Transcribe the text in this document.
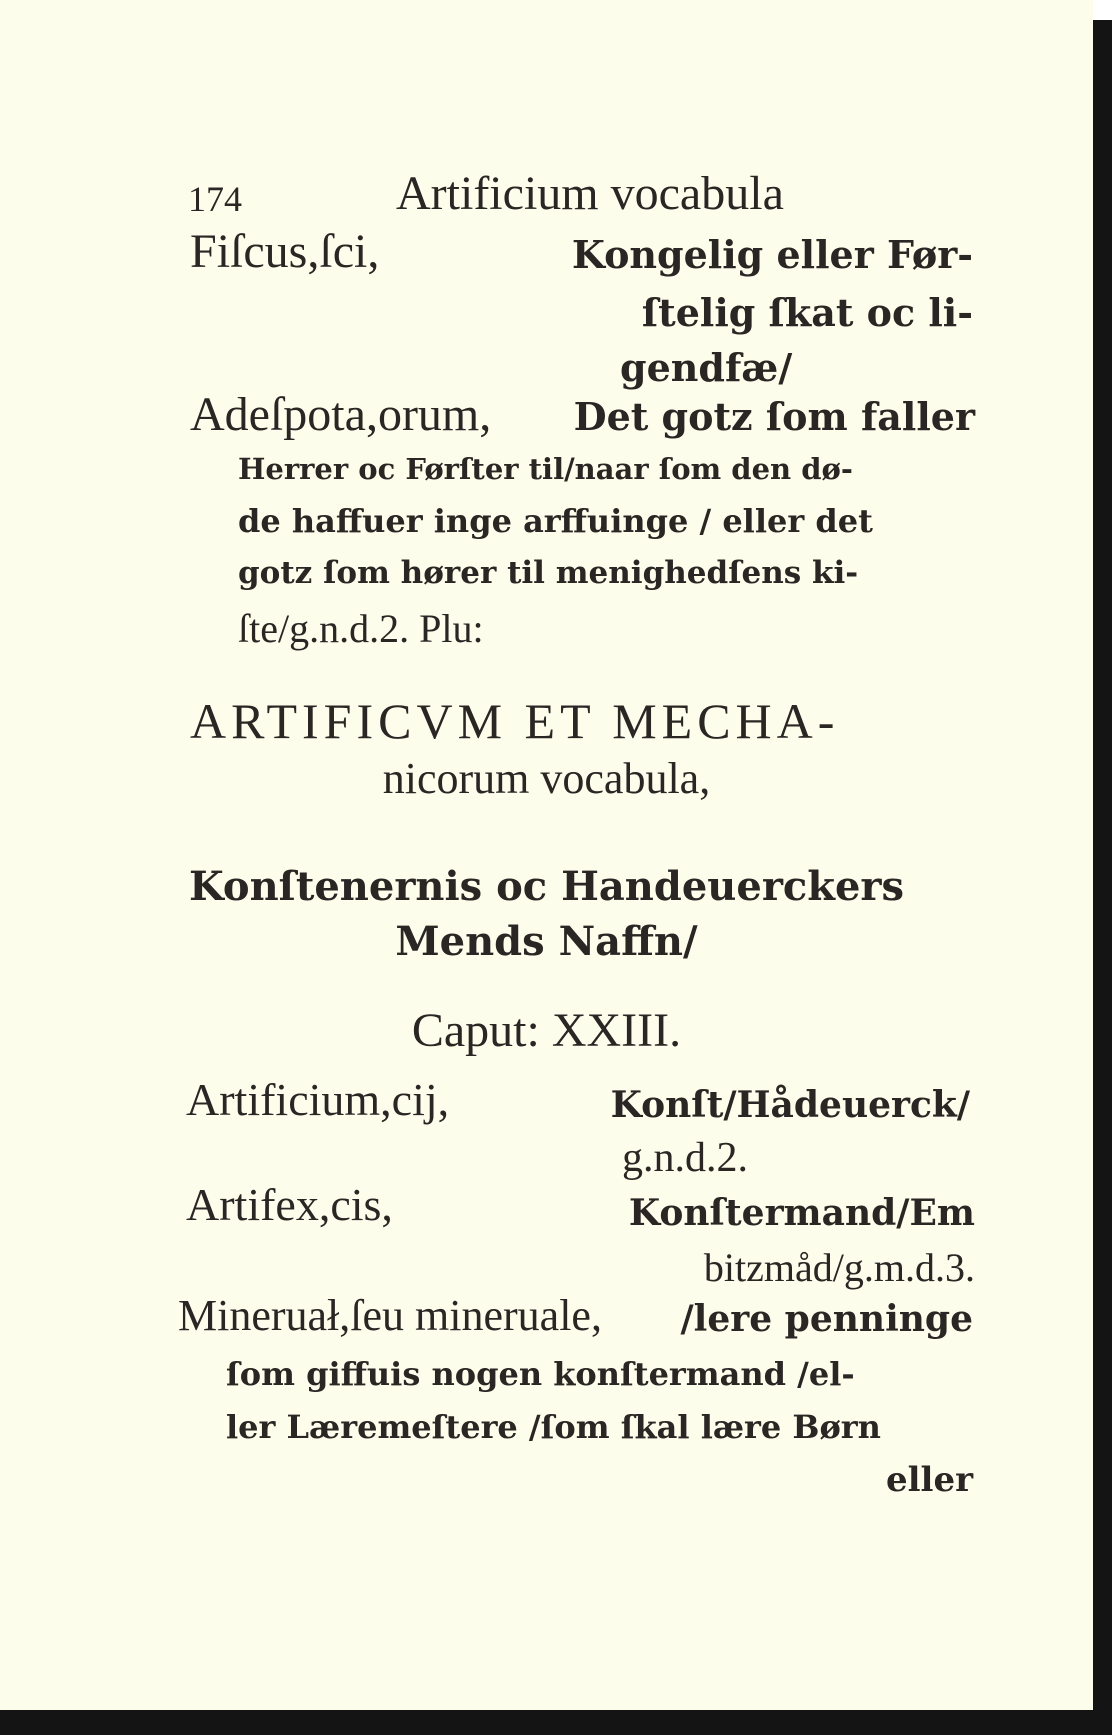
174	Artificium vocabula
Fiſcus,ſci,	Kongelig eller Før-
ſtelig ſkat oc li-
gendfæ/
Adeſpota,orum, Det gotz ſom faller
Herrer oc Førſter til/naar ſom den dø-
de haffuer inge arffuinge / eller det
gotz ſom hører til menighedſens ki-
ſte/g.n.d.2. Plu:
ARTIFICVM ET MECHA-
nicorum vocabula,
Konſtenernis oc Handeuerckers
Mends Naffn/
Caput: XXIII.
Artificium,cij,	Konſt/Hådeuerck/
g.n.d.2.
Artifex,cis,	Konſtermand/Em
bitzmåd/g.m.d.3.
Mineruał,ſeu mineruale, /lere penninge
ſom giffuis nogen konſtermand /el-
ler Læremeſtere /ſom ſkal lære Børn
eller
